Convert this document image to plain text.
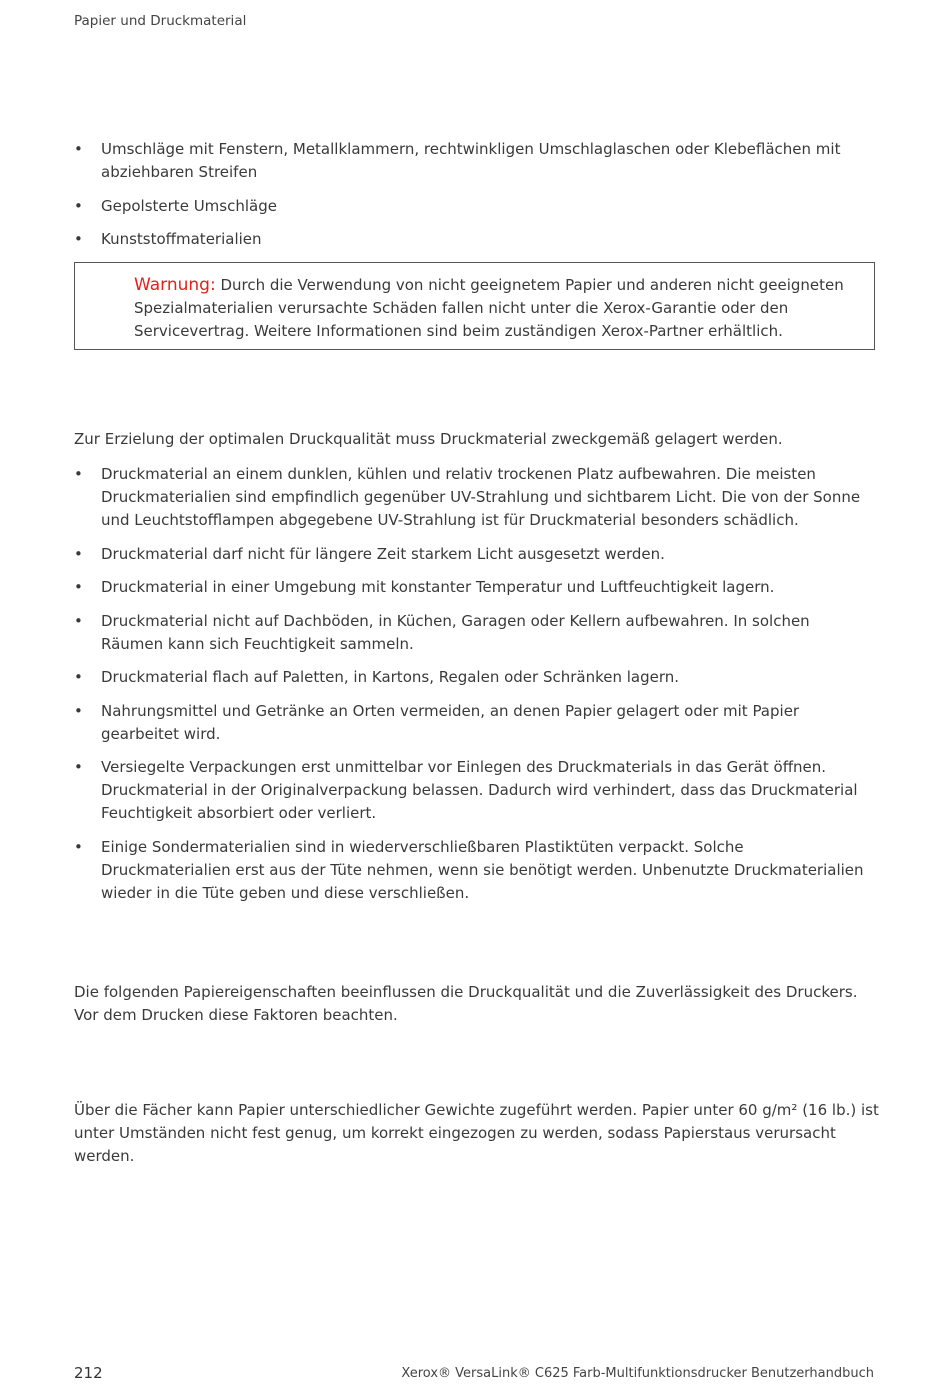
Papier und Druckmaterial
• Umschläge mit Fenstern, Metallklammern, rechtwinkligen Umschlaglaschen oder Klebeflächen mit abziehbaren Streifen
• Gepolsterte Umschläge
• Kunststoffmaterialien
Warnung: Durch die Verwendung von nicht geeignetem Papier und anderen nicht geeigneten Spezialmaterialien verursachte Schäden fallen nicht unter die Xerox-Garantie oder den Servicevertrag. Weitere Informationen sind beim zuständigen Xerox-Partner erhältlich.

Zur Erzielung der optimalen Druckqualität muss Druckmaterial zweckgemäß gelagert werden.

• Druckmaterial an einem dunklen, kühlen und relativ trockenen Platz aufbewahren. Die meisten Druckmaterialien sind empfindlich gegenüber UV-Strahlung und sichtbarem Licht. Die von der Sonne und Leuchtstofflampen abgegebene UV-Strahlung ist für Druckmaterial besonders schädlich.
• Druckmaterial darf nicht für längere Zeit starkem Licht ausgesetzt werden.
• Druckmaterial in einer Umgebung mit konstanter Temperatur und Luftfeuchtigkeit lagern.
• Druckmaterial nicht auf Dachböden, in Küchen, Garagen oder Kellern aufbewahren. In solchen Räumen kann sich Feuchtigkeit sammeln.
• Druckmaterial flach auf Paletten, in Kartons, Regalen oder Schränken lagern.
• Nahrungsmittel und Getränke an Orten vermeiden, an denen Papier gelagert oder mit Papier gearbeitet wird.
• Versiegelte Verpackungen erst unmittelbar vor Einlegen des Druckmaterials in das Gerät öffnen. Druckmaterial in der Originalverpackung belassen. Dadurch wird verhindert, dass das Druckmaterial Feuchtigkeit absorbiert oder verliert.
• Einige Sondermaterialien sind in wiederverschließbaren Plastiktüten verpackt. Solche Druckmaterialien erst aus der Tüte nehmen, wenn sie benötigt werden. Unbenutzte Druckmaterialien wieder in die Tüte geben und diese verschließen.

Die folgenden Papiereigenschaften beeinflussen die Druckqualität und die Zuverlässigkeit des Druckers. Vor dem Drucken diese Faktoren beachten.

Über die Fächer kann Papier unterschiedlicher Gewichte zugeführt werden. Papier unter 60 g/m² (16 lb.) ist unter Umständen nicht fest genug, um korrekt eingezogen zu werden, sodass Papierstaus verursacht werden.

212	Xerox® VersaLink® C625 Farb-Multifunktionsdrucker Benutzerhandbuch
